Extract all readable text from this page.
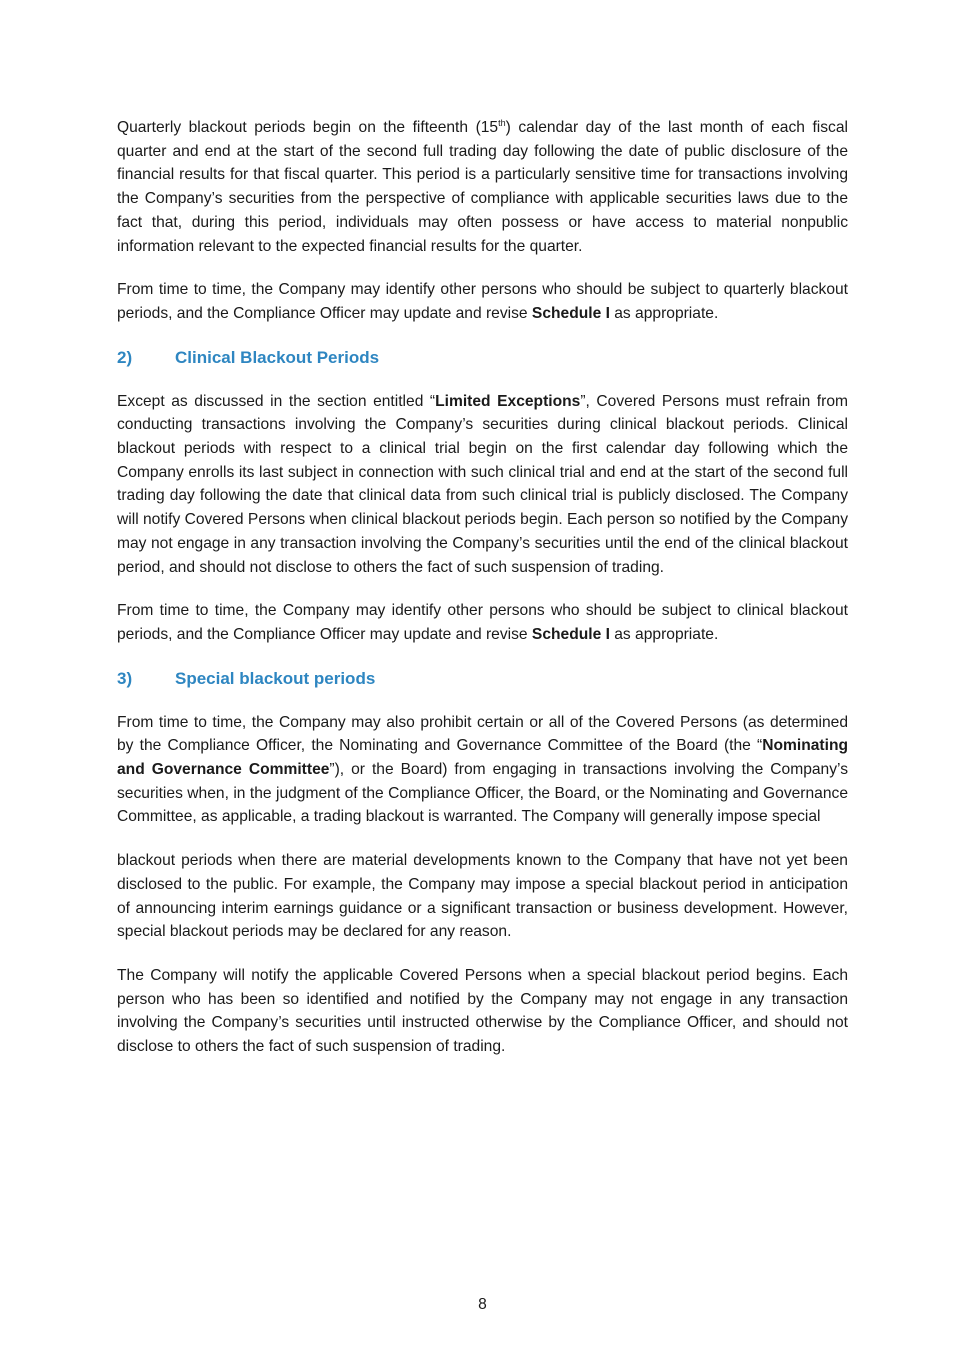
Quarterly blackout periods begin on the fifteenth (15th) calendar day of the last month of each fiscal quarter and end at the start of the second full trading day following the date of public disclosure of the financial results for that fiscal quarter. This period is a particularly sensitive time for transactions involving the Company’s securities from the perspective of compliance with applicable securities laws due to the fact that, during this period, individuals may often possess or have access to material nonpublic information relevant to the expected financial results for the quarter.

From time to time, the Company may identify other persons who should be subject to quarterly blackout periods, and the Compliance Officer may update and revise Schedule I as appropriate.

2)	Clinical Blackout Periods

Except as discussed in the section entitled “Limited Exceptions”, Covered Persons must refrain from conducting transactions involving the Company’s securities during clinical blackout periods. Clinical blackout periods with respect to a clinical trial begin on the first calendar day following which the Company enrolls its last subject in connection with such clinical trial and end at the start of the second full trading day following the date that clinical data from such clinical trial is publicly disclosed. The Company will notify Covered Persons when clinical blackout periods begin. Each person so notified by the Company may not engage in any transaction involving the Company’s securities until the end of the clinical blackout period, and should not disclose to others the fact of such suspension of trading.

From time to time, the Company may identify other persons who should be subject to clinical blackout periods, and the Compliance Officer may update and revise Schedule I as appropriate.

3)	Special blackout periods

From time to time, the Company may also prohibit certain or all of the Covered Persons (as determined by the Compliance Officer, the Nominating and Governance Committee of the Board (the “Nominating and Governance Committee”), or the Board) from engaging in transactions involving the Company’s securities when, in the judgment of the Compliance Officer, the Board, or the Nominating and Governance Committee, as applicable, a trading blackout is warranted. The Company will generally impose special

blackout periods when there are material developments known to the Company that have not yet been disclosed to the public. For example, the Company may impose a special blackout period in anticipation of announcing interim earnings guidance or a significant transaction or business development. However, special blackout periods may be declared for any reason.

The Company will notify the applicable Covered Persons when a special blackout period begins. Each person who has been so identified and notified by the Company may not engage in any transaction involving the Company’s securities until instructed otherwise by the Compliance Officer, and should not disclose to others the fact of such suspension of trading.

8
